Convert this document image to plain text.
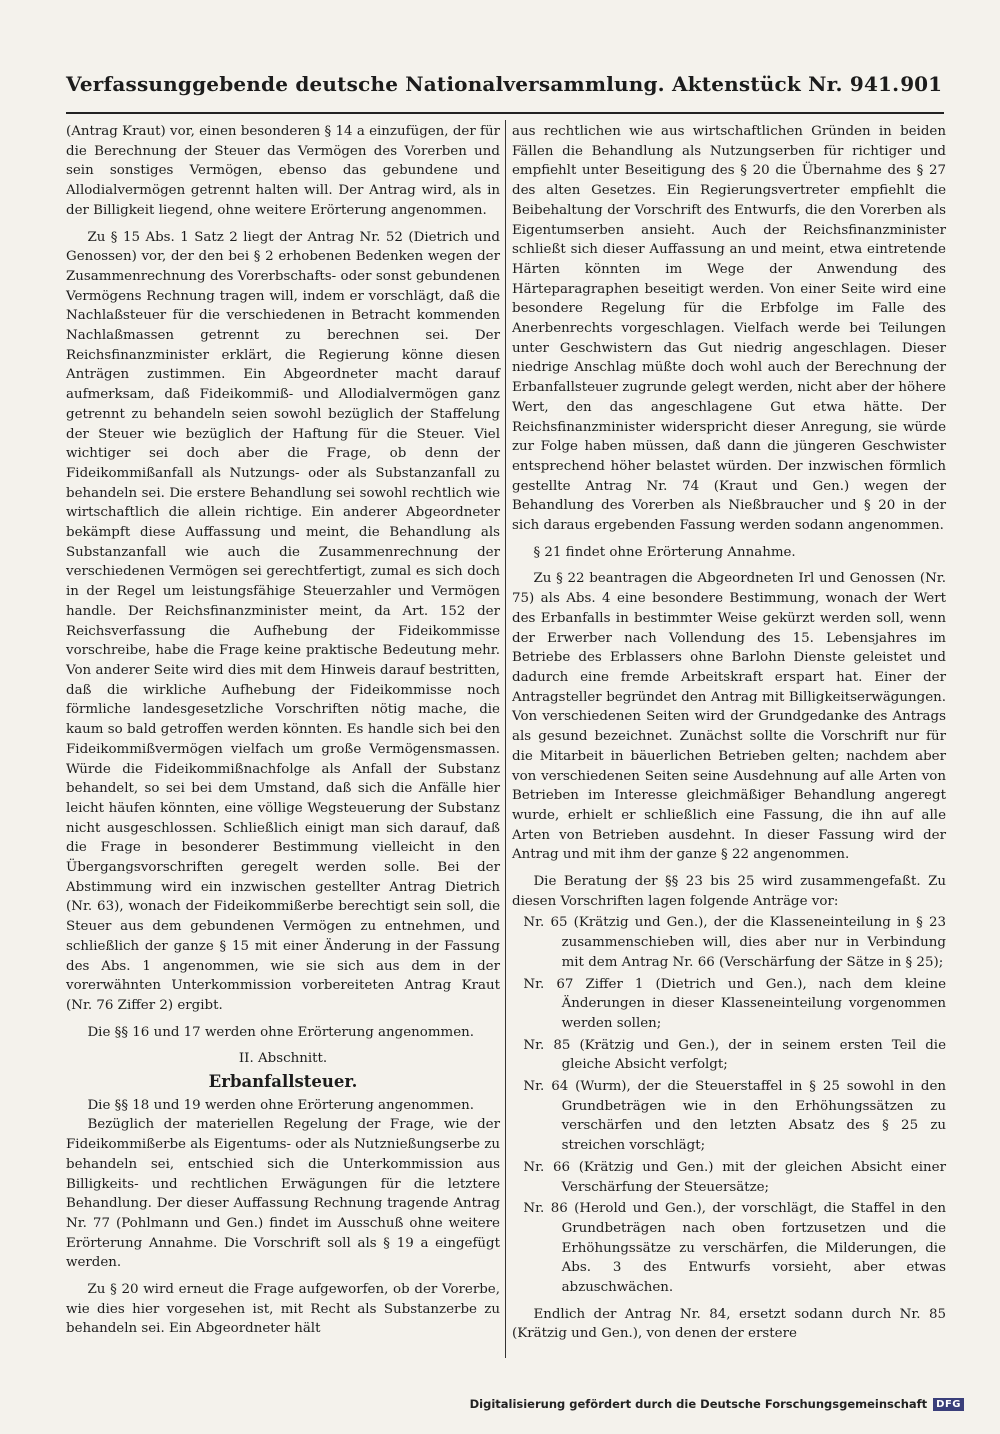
Verfassunggebende deutsche Nationalversammlung. Aktenstück Nr. 941. 901

(Antrag Kraut) vor, einen besonderen § 14 a einzufügen, der für die Berechnung der Steuer das Vermögen des Vorerben und sein sonstiges Vermögen, ebenso das gebundene und Allodialvermögen getrennt halten will. Der Antrag wird, als in der Billigkeit liegend, ohne weitere Erörterung angenommen.

Zu § 15 Abs. 1 Satz 2 liegt der Antrag Nr. 52 (Dietrich und Genossen) vor, der den bei § 2 erhobenen Bedenken wegen der Zusammenrechnung des Vorerbschafts- oder sonst gebundenen Vermögens Rechnung tragen will, indem er vorschlägt, daß die Nachlaßsteuer für die verschiedenen in Betracht kommenden Nachlaßmassen getrennt zu berechnen sei. Der Reichsfinanzminister erklärt, die Regierung könne diesen Anträgen zustimmen. Ein Abgeordneter macht darauf aufmerksam, daß Fideikommiß- und Allodialvermögen ganz getrennt zu behandeln seien sowohl bezüglich der Staffelung der Steuer wie bezüglich der Haftung für die Steuer. Viel wichtiger sei doch aber die Frage, ob denn der Fideikommißanfall als Nutzungs- oder als Substanzanfall zu behandeln sei. Die erstere Behandlung sei sowohl rechtlich wie wirtschaftlich die allein richtige. Ein anderer Abgeordneter bekämpft diese Auffassung und meint, die Behandlung als Substanzanfall wie auch die Zusammenrechnung der verschiedenen Vermögen sei gerechtfertigt, zumal es sich doch in der Regel um leistungsfähige Steuerzahler und Vermögen handle. Der Reichsfinanzminister meint, da Art. 152 der Reichsverfassung die Aufhebung der Fideikommisse vorschreibe, habe die Frage keine praktische Bedeutung mehr. Von anderer Seite wird dies mit dem Hinweis darauf bestritten, daß die wirkliche Aufhebung der Fideikommisse noch förmliche landesgesetzliche Vorschriften nötig mache, die kaum so bald getroffen werden könnten. Es handle sich bei den Fideikommißvermögen vielfach um große Vermögensmassen. Würde die Fideikommißnachfolge als Anfall der Substanz behandelt, so sei bei dem Umstand, daß sich die Anfälle hier leicht häufen könnten, eine völlige Wegsteuerung der Substanz nicht ausgeschlossen. Schließlich einigt man sich darauf, daß die Frage in besonderer Bestimmung vielleicht in den Übergangsvorschriften geregelt werden solle. Bei der Abstimmung wird ein inzwischen gestellter Antrag Dietrich (Nr. 63), wonach der Fideikommißerbe berechtigt sein soll, die Steuer aus dem gebundenen Vermögen zu entnehmen, und schließlich der ganze § 15 mit einer Änderung in der Fassung des Abs. 1 angenommen, wie sie sich aus dem in der vorerwähnten Unterkommission vorbereiteten Antrag Kraut (Nr. 76 Ziffer 2) ergibt.

Die §§ 16 und 17 werden ohne Erörterung angenommen.

II. Abschnitt.

Erbanfallsteuer.

Die §§ 18 und 19 werden ohne Erörterung angenommen.

Bezüglich der materiellen Regelung der Frage, wie der Fideikommißerbe als Eigentums- oder als Nutznießungserbe zu behandeln sei, entschied sich die Unterkommission aus Billigkeits- und rechtlichen Erwägungen für die letztere Behandlung. Der dieser Auffassung Rechnung tragende Antrag Nr. 77 (Pohlmann und Gen.) findet im Ausschuß ohne weitere Erörterung Annahme. Die Vorschrift soll als § 19 a eingefügt werden.

Zu § 20 wird erneut die Frage aufgeworfen, ob der Vorerbe, wie dies hier vorgesehen ist, mit Recht als Substanzerbe zu behandeln sei. Ein Abgeordneter hält

aus rechtlichen wie aus wirtschaftlichen Gründen in beiden Fällen die Behandlung als Nutzungserben für richtiger und empfiehlt unter Beseitigung des § 20 die Übernahme des § 27 des alten Gesetzes. Ein Regierungsvertreter empfiehlt die Beibehaltung der Vorschrift des Entwurfs, die den Vorerben als Eigentumserben ansieht. Auch der Reichsfinanzminister schließt sich dieser Auffassung an und meint, etwa eintretende Härten könnten im Wege der Anwendung des Härteparagraphen beseitigt werden. Von einer Seite wird eine besondere Regelung für die Erbfolge im Falle des Anerbenrechts vorgeschlagen. Vielfach werde bei Teilungen unter Geschwistern das Gut niedrig angeschlagen. Dieser niedrige Anschlag müßte doch wohl auch der Berechnung der Erbanfallsteuer zugrunde gelegt werden, nicht aber der höhere Wert, den das angeschlagene Gut etwa hätte. Der Reichsfinanzminister widerspricht dieser Anregung, sie würde zur Folge haben müssen, daß dann die jüngeren Geschwister entsprechend höher belastet würden. Der inzwischen förmlich gestellte Antrag Nr. 74 (Kraut und Gen.) wegen der Behandlung des Vorerben als Nießbraucher und § 20 in der sich daraus ergebenden Fassung werden sodann angenommen.

§ 21 findet ohne Erörterung Annahme.

Zu § 22 beantragen die Abgeordneten Irl und Genossen (Nr. 75) als Abs. 4 eine besondere Bestimmung, wonach der Wert des Erbanfalls in bestimmter Weise gekürzt werden soll, wenn der Erwerber nach Vollendung des 15. Lebensjahres im Betriebe des Erblassers ohne Barlohn Dienste geleistet und dadurch eine fremde Arbeitskraft erspart hat. Einer der Antragsteller begründet den Antrag mit Billigkeitserwägungen. Von verschiedenen Seiten wird der Grundgedanke des Antrags als gesund bezeichnet. Zunächst sollte die Vorschrift nur für die Mitarbeit in bäuerlichen Betrieben gelten; nachdem aber von verschiedenen Seiten seine Ausdehnung auf alle Arten von Betrieben im Interesse gleichmäßiger Behandlung angeregt wurde, erhielt er schließlich eine Fassung, die ihn auf alle Arten von Betrieben ausdehnt. In dieser Fassung wird der Antrag und mit ihm der ganze § 22 angenommen.

Die Beratung der §§ 23 bis 25 wird zusammengefaßt. Zu diesen Vorschriften lagen folgende Anträge vor:

Nr. 65 (Krätzig und Gen.), der die Klasseneinteilung in § 23 zusammenschieben will, dies aber nur in Verbindung mit dem Antrag Nr. 66 (Verschärfung der Sätze in § 25);

Nr. 67 Ziffer 1 (Dietrich und Gen.), nach dem kleine Änderungen in dieser Klasseneinteilung vorgenommen werden sollen;

Nr. 85 (Krätzig und Gen.), der in seinem ersten Teil die gleiche Absicht verfolgt;

Nr. 64 (Wurm), der die Steuerstaffel in § 25 sowohl in den Grundbeträgen wie in den Erhöhungssätzen zu verschärfen und den letzten Absatz des § 25 zu streichen vorschlägt;

Nr. 66 (Krätzig und Gen.) mit der gleichen Absicht einer Verschärfung der Steuersätze;

Nr. 86 (Herold und Gen.), der vorschlägt, die Staffel in den Grundbeträgen nach oben fortzusetzen und die Erhöhungssätze zu verschärfen, die Milderungen, die Abs. 3 des Entwurfs vorsieht, aber etwas abzuschwächen.

Endlich der Antrag Nr. 84, ersetzt sodann durch Nr. 85 (Krätzig und Gen.), von denen der erstere

Digitalisierung gefördert durch die Deutsche Forschungsgemeinschaft DFG
